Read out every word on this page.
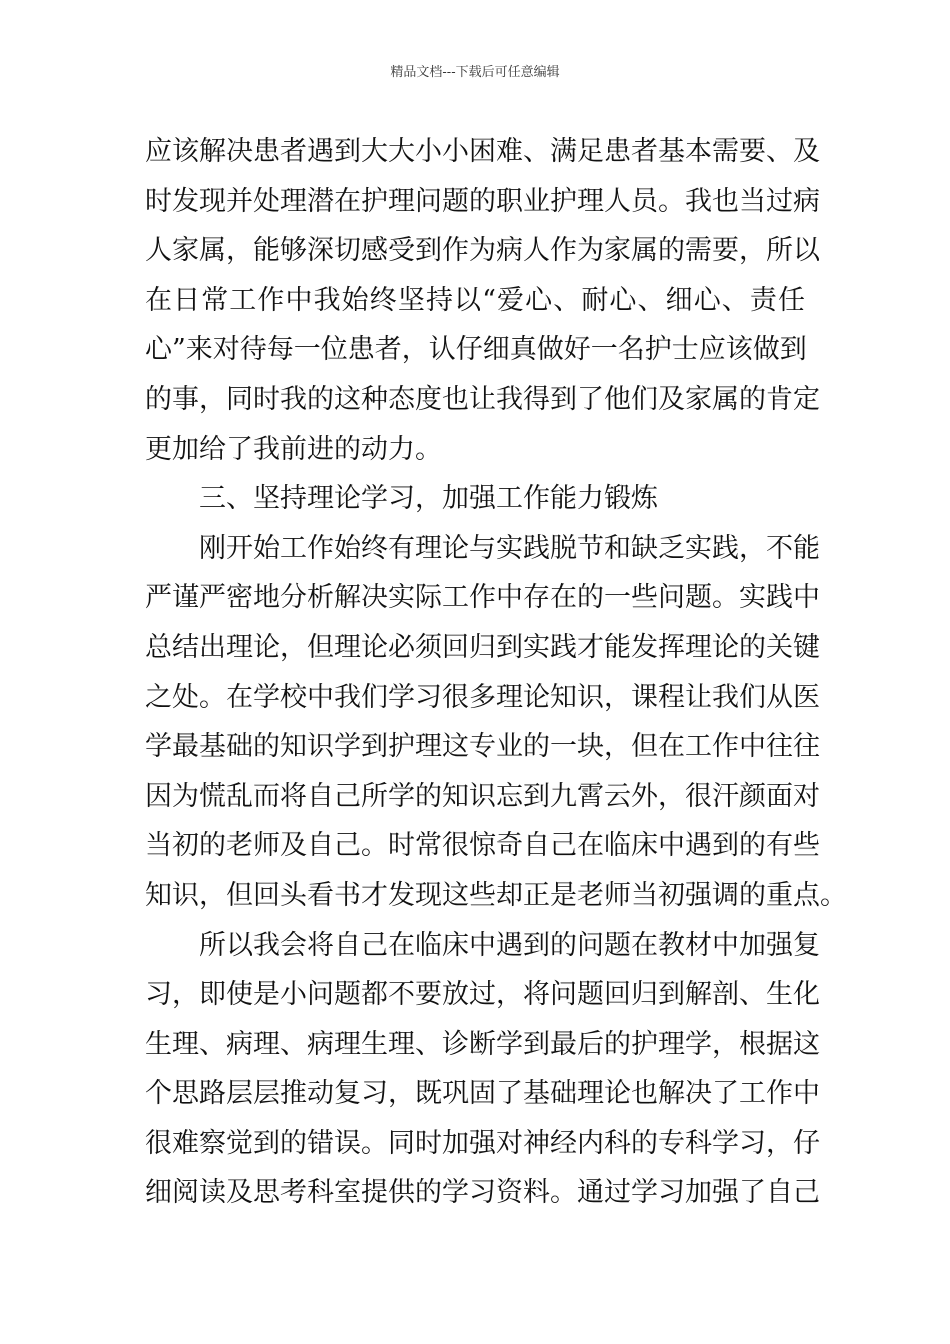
精品文档---下载后可任意编辑
应该解决患者遇到大大小小困难、满足患者基本需要、及
时发现并处理潜在护理问题的职业护理人员。我也当过病
人家属，能够深切感受到作为病人作为家属的需要，所以
在日常工作中我始终坚持以“爱心、耐心、细心、责任
心”来对待每一位患者，认仔细真做好一名护士应该做到
的事，同时我的这种态度也让我得到了他们及家属的肯定
更加给了我前进的动力。
三、坚持理论学习，加强工作能力锻炼
刚开始工作始终有理论与实践脱节和缺乏实践，不能
严谨严密地分析解决实际工作中存在的一些问题。实践中
总结出理论，但理论必须回归到实践才能发挥理论的关键
之处。在学校中我们学习很多理论知识，课程让我们从医
学最基础的知识学到护理这专业的一块，但在工作中往往
因为慌乱而将自己所学的知识忘到九霄云外，很汗颜面对
当初的老师及自己。时常很惊奇自己在临床中遇到的有些
知识，但回头看书才发现这些却正是老师当初强调的重点。
所以我会将自己在临床中遇到的问题在教材中加强复
习，即使是小问题都不要放过，将问题回归到解剖、生化
生理、病理、病理生理、诊断学到最后的护理学，根据这
个思路层层推动复习，既巩固了基础理论也解决了工作中
很难察觉到的错误。同时加强对神经内科的专科学习，仔
细阅读及思考科室提供的学习资料。通过学习加强了自己
